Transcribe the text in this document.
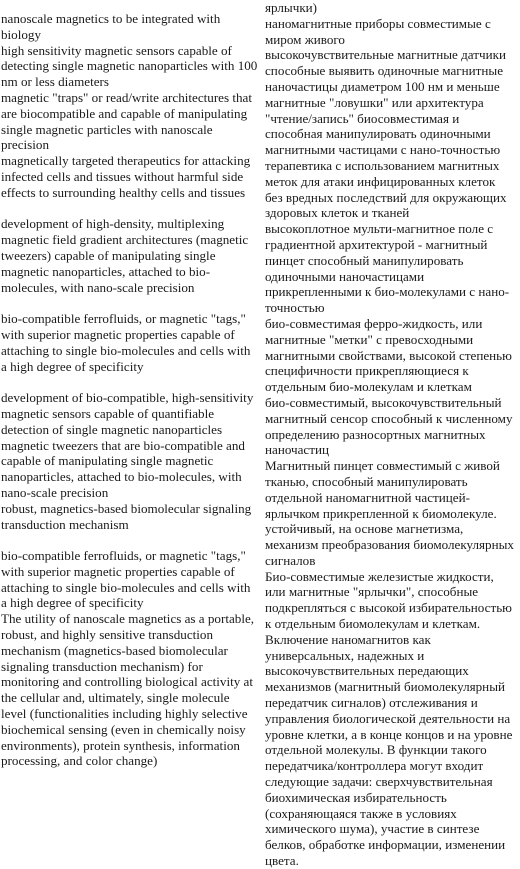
nanoscale magnetics to be integrated with biology

high sensitivity magnetic sensors capable of detecting single magnetic nanoparticles with 100 nm or less diameters

magnetic "traps" or read/write architectures that are biocompatible and capable of manipulating single magnetic particles with nanoscale precision

magnetically targeted therapeutics for attacking infected cells and tissues without harmful side effects to surrounding healthy cells and tissues

development of high-density, multiplexing magnetic field gradient architectures (magnetic tweezers) capable of manipulating single magnetic nanoparticles, attached to bio-molecules, with nano-scale precision

bio-compatible ferrofluids, or magnetic "tags," with superior magnetic properties capable of attaching to single bio-molecules and cells with a high degree of specificity

development of bio-compatible, high-sensitivity magnetic sensors capable of quantifiable detection of single magnetic nanoparticles

magnetic tweezers that are bio-compatible and capable of manipulating single magnetic nanoparticles, attached to bio-molecules, with nano-scale precision

robust, magnetics-based biomolecular signaling transduction mechanism

bio-compatible ferrofluids, or magnetic "tags," with superior magnetic properties capable of attaching to single bio-molecules and cells with a high degree of specificity

The utility of nanoscale magnetics as a portable, robust, and highly sensitive transduction mechanism (magnetics-based biomolecular signaling transduction mechanism) for monitoring and controlling biological activity at the cellular and, ultimately, single molecule level (functionalities including highly selective biochemical sensing (even in chemically noisy environments), protein synthesis, information processing, and color change)

ярлычки)

наномагнитные приборы совместимые с миром живого

высокочувствительные магнитные датчики способные выявить одиночные магнитные наночастицы диаметром 100 нм и меньше

магнитные "ловушки" или архитектура "чтение/запись" биосовместимая и способная манипулировать одиночными магнитными частицами с нано-точностью

терапевтика с использованием магнитных меток для атаки инфицированных клеток без вредных последствий для окружающих здоровых клеток и тканей

высокоплотное мульти-магнитное поле с градиентной архитектурой - магнитный пинцет способный манипулировать одиночными наночастицами прикрепленными к био-молекулами с нано-точностью

био-совместимая ферро-жидкость, или магнитные "метки" с превосходными магнитными свойствами, высокой степенью специфичности прикрепляющиеся к отдельным био-молекулам и клеткам

био-совместимый, высокочувствительный магнитный сенсор способный к численному определению разносортных магнитных наночастиц

Магнитный пинцет совместимый с живой тканью, способный манипулировать отдельной наномагнитной частицей-ярлычком прикрепленной к биомолекуле.

устойчивый, на основе магнетизма, механизм преобразования биомолекулярных сигналов

Био-совместимые железистые жидкости, или магнитные "ярлычки", способные подкрепляться с высокой избирательностью к отдельным биомолекулам и клеткам.

Включение наномагнитов как универсальных, надежных и высокочувствительных передающих механизмов (магнитный биомолекулярный передатчик сигналов) отслеживания и управления биологической деятельности на уровне клетки, а в конце концов и на уровне отдельной молекулы. В функции такого передатчика/контроллера могут входит следующие задачи: сверхчувствительная биохимическая избирательность (сохраняющаяся также в условиях химического шума), участие в синтезе белков, обработке информации, изменении цвета.
